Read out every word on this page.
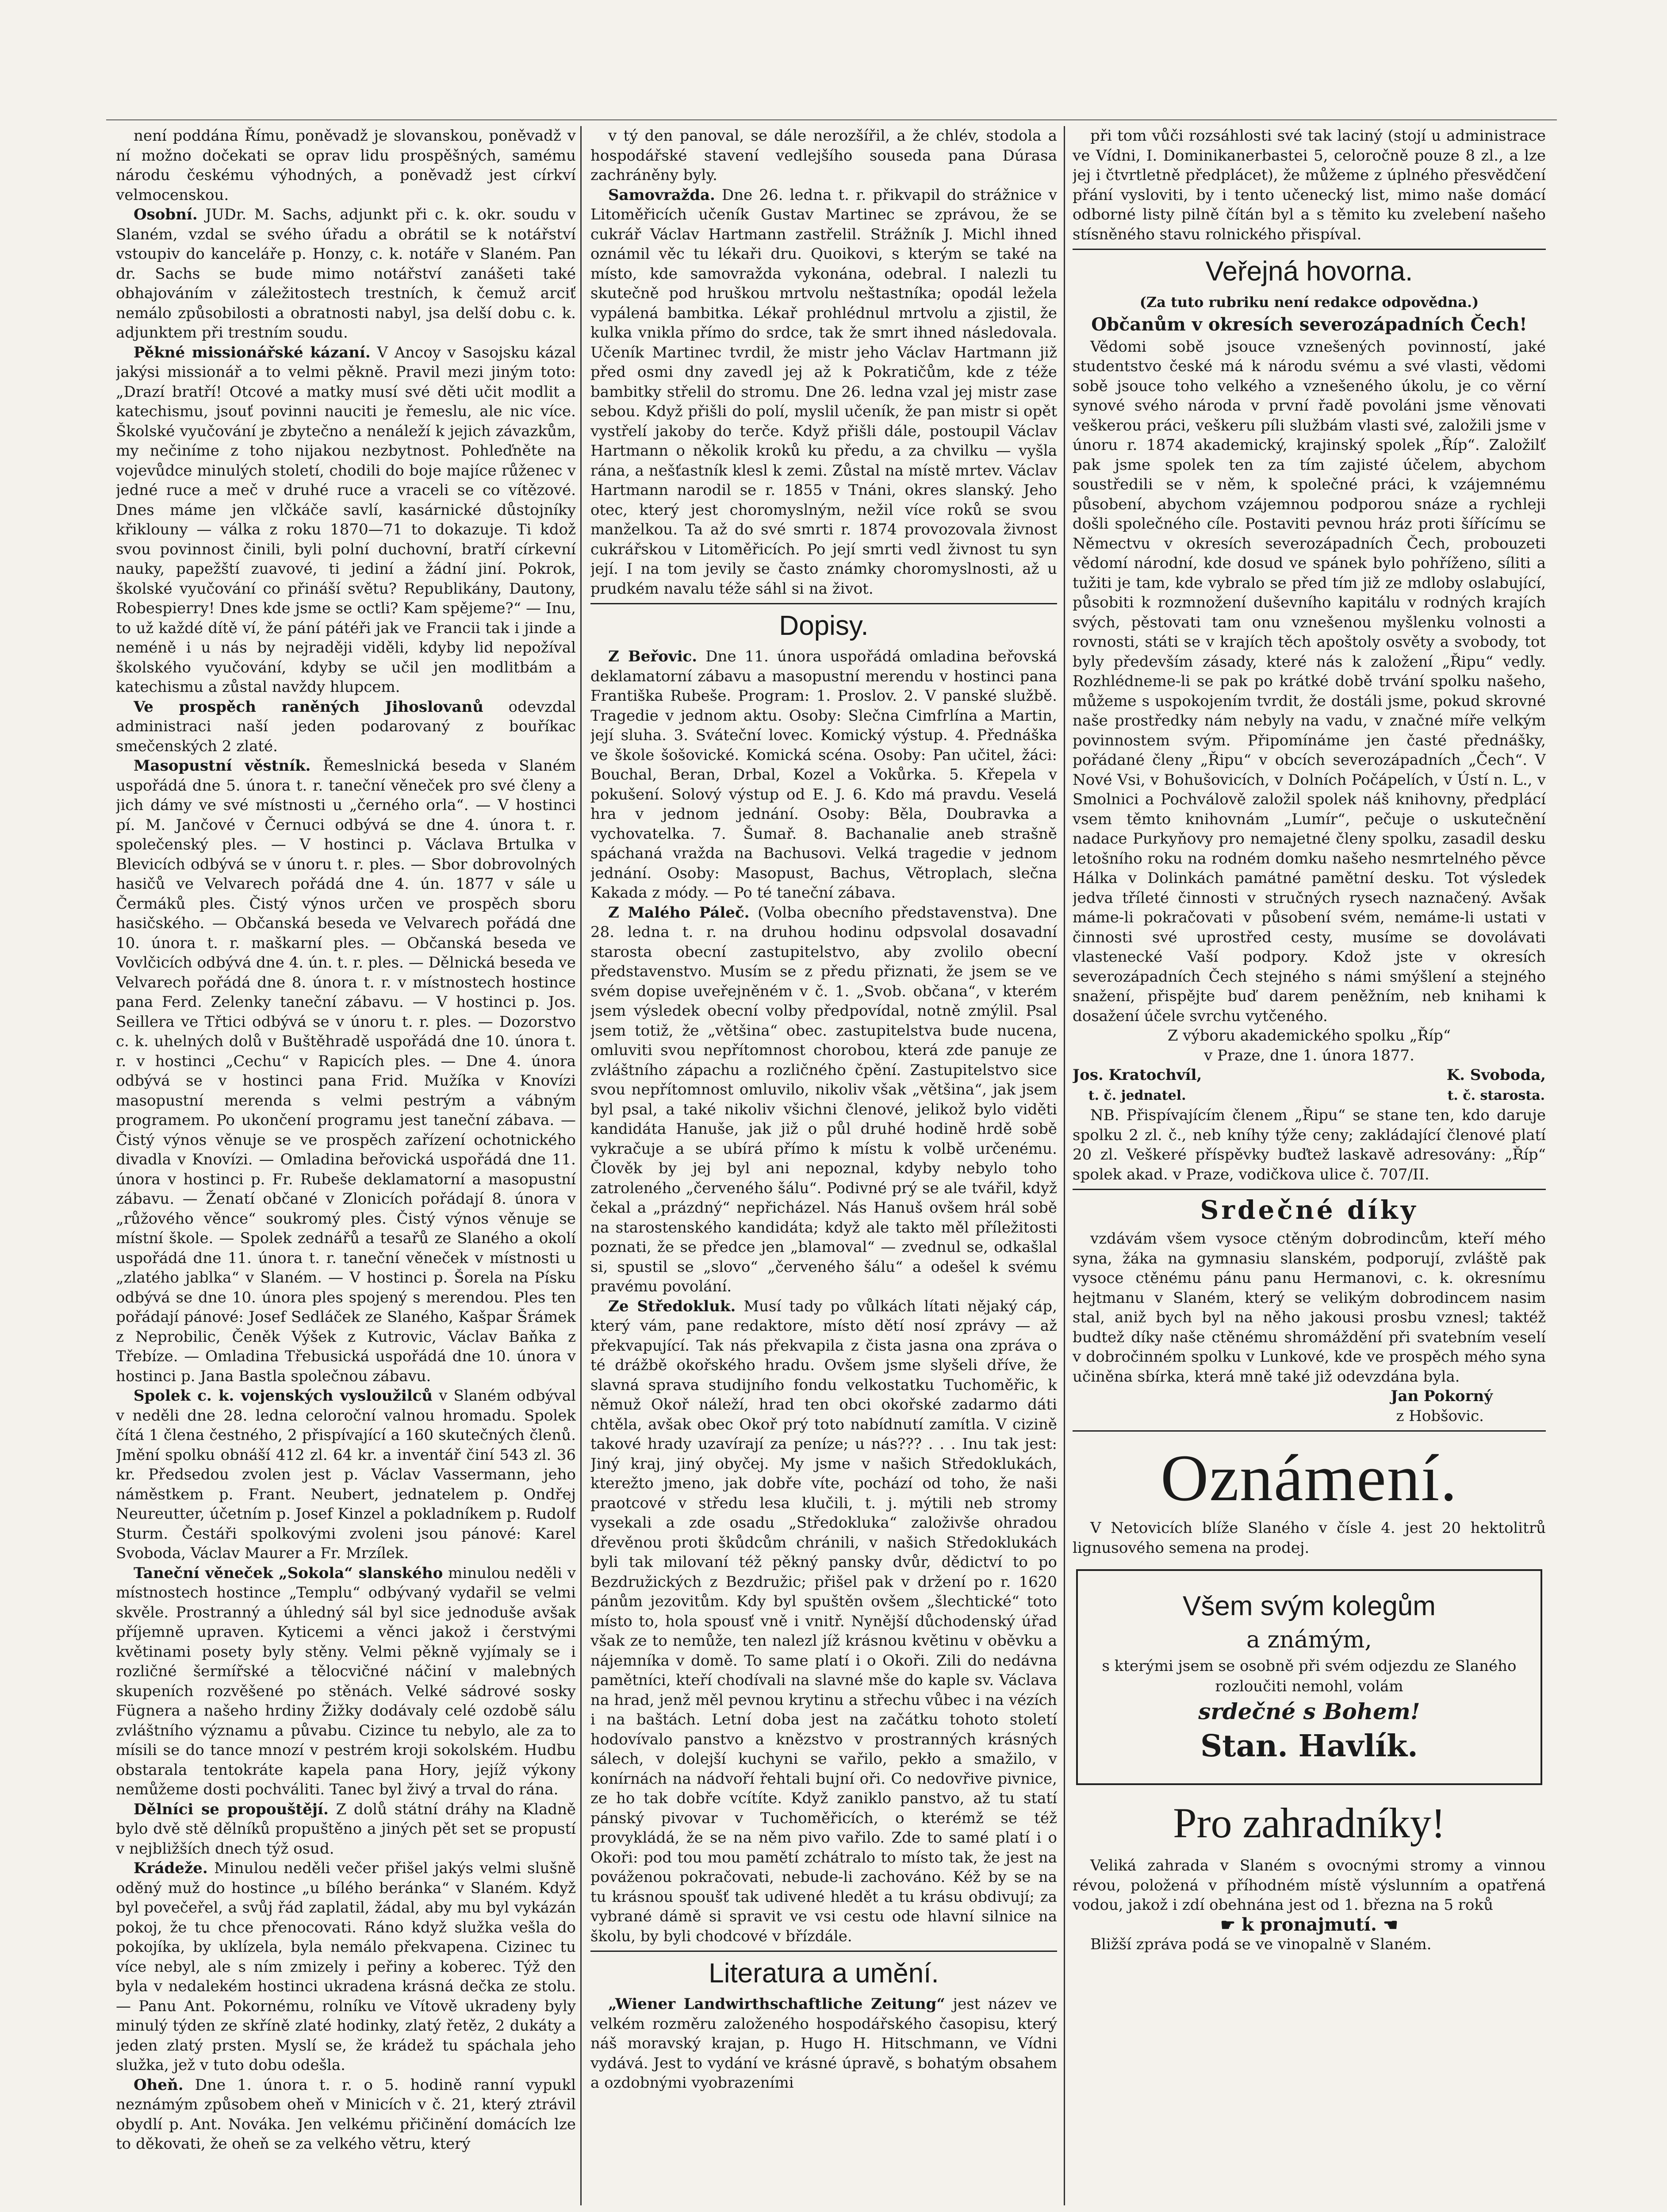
není poddána Římu, poněvadž je slovanskou, poněvadž v ní možno dočekati se oprav lidu prospěšných, samému národu českému výhodných, a poněvadž jest církví velmocenskou.

Osobní. JUDr. M. Sachs, adjunkt při c. k. okr. soudu v Slaném, vzdal se svého úřadu a obrátil se k notářství vstoupiv do kanceláře p. Honzy, c. k. notáře v Slaném. Pan dr. Sachs se bude mimo notářství zanášeti také obhajováním v záležitostech trestních, k čemuž arciť nemálo způsobilosti a obratnosti nabyl, jsa delší dobu c. k. adjunktem při trestním soudu.

Pěkné missionářské kázaní. V Ancoy v Sasojsku kázal jakýsi missionář a to velmi pěkně. Pravil mezi jiným toto: „Drazí bratří! Otcové a matky musí své děti učit modlit a katechismu, jsouť povinni nauciti je řemeslu, ale nic více. Školské vyučování je zbytečno a nenáleží k jejich závazkům, my nečiníme z toho nijakou nezbytnost. Pohleďněte na vojevůdce minulých století, chodili do boje majíce růženec v jedné ruce a meč v druhé ruce a vraceli se co vítězové. Dnes máme jen vlčkáče savlí, kasárnické důstojníky křiklouny — válka z roku 1870—71 to dokazuje. Ti kdož svou povinnost činili, byli polní duchovní, bratří církevní nauky, papežští zuavové, ti jediní a žádní jiní. Pokrok, školské vyučování co přináší světu? Republikány, Dautony, Robespierry! Dnes kde jsme se octli? Kam spějeme?“ — Inu, to už každé dítě ví, že pání pátéři jak ve Francii tak i jinde a neméně i u nás by nejraději viděli, kdyby lid nepožíval školského vyučování, kdyby se učil jen modlitbám a katechismu a zůstal navždy hlupcem.

Ve prospěch raněných Jihoslovanů odevzdal administraci naší jeden podarovaný z bouříkac smečenských 2 zlaté.

Masopustní věstník. Řemeslnická beseda v Slaném uspořádá dne 5. února t. r. taneční věneček pro své členy a jich dámy ve své místnosti u „černého orla“. — V hostinci pí. M. Jančové v Černuci odbývá se dne 4. února t. r. společenský ples. — V hostinci p. Václava Brtulka v Blevicích odbývá se v únoru t. r. ples. — Sbor dobrovolných hasičů ve Velvarech pořádá dne 4. ún. 1877 v sále u Čermáků ples. Čistý výnos určen ve prospěch sboru hasičského. — Občanská beseda ve Velvarech pořádá dne 10. února t. r. maškarní ples. — Občanská beseda ve Vovlčicích odbývá dne 4. ún. t. r. ples. — Dělnická beseda ve Velvarech pořádá dne 8. února t. r. v místnostech hostince pana Ferd. Zelenky taneční zábavu. — V hostinci p. Jos. Seillera ve Třtici odbývá se v únoru t. r. ples. — Dozorstvo c. k. uhelných dolů v Buštěhradě uspořádá dne 10. února t. r. v hostinci „Cechu“ v Rapicích ples. — Dne 4. února odbývá se v hostinci pana Frid. Mužíka v Knovízi masopustní merenda s velmi pestrým a vábným programem. Po ukončení programu jest taneční zábava. — Čistý výnos věnuje se ve prospěch zařízení ochotnického divadla v Knovízi. — Omladina beřovická uspořádá dne 11. února v hostinci p. Fr. Rubeše deklamatorní a masopustní zábavu. — Ženatí občané v Zlonicích pořádají 8. února v „růžového věnce“ soukromý ples. Čistý výnos věnuje se místní škole. — Spolek zednářů a tesařů ze Slaného a okolí uspořádá dne 11. února t. r. taneční věneček v místnosti u „zlatého jablka“ v Slaném. — V hostinci p. Šorela na Písku odbývá se dne 10. února ples spojený s merendou. Ples ten pořádají pánové: Josef Sedláček ze Slaného, Kašpar Šrámek z Neprobilic, Čeněk Výšek z Kutrovic, Václav Baňka z Třebíze. — Omladina Třebusická uspořádá dne 10. února v hostinci p. Jana Bastla společnou zábavu.

Spolek c. k. vojenských vysloužilců v Slaném odbýval v neděli dne 28. ledna celoroční valnou hromadu. Spolek čítá 1 člena čestného, 2 přispívající a 160 skutečných členů. Jmění spolku obnáší 412 zl. 64 kr. a inventář činí 543 zl. 36 kr. Předsedou zvolen jest p. Václav Vassermann, jeho náměstkem p. Frant. Neubert, jednatelem p. Ondřej Neureutter, účetním p. Josef Kinzel a pokladníkem p. Rudolf Sturm. Čestáři spolkovými zvoleni jsou pánové: Karel Svoboda, Václav Maurer a Fr. Mrzílek.

Taneční věneček „Sokola“ slanského minulou neděli v místnostech hostince „Templu“ odbývaný vydařil se velmi skvěle. Prostranný a úhledný sál byl sice jednoduše avšak příjemně upraven. Kyticemi a věnci jakož i čerstvými květinami posety byly stěny. Velmi pěkně vyjímaly se i rozličné šermířské a tělocvičné náčiní v malebných skupeních rozvěšené po stěnách. Velké sádrové sosky Fügnera a našeho hrdiny Žižky dodávaly celé ozdobě sálu zvláštního významu a půvabu. Cizince tu nebylo, ale za to mísili se do tance mnozí v pestrém kroji sokolském. Hudbu obstarala tentokráte kapela pana Hory, jejíž výkony nemůžeme dosti pochváliti. Tanec byl živý a trval do rána.

Dělníci se propouštějí. Z dolů státní dráhy na Kladně bylo dvě stě dělníků propuštěno a jiných pět set se propustí v nejbližších dnech týž osud.

Krádeže. Minulou neděli večer přišel jakýs velmi slušně oděný muž do hostince „u bílého beránka“ v Slaném. Když byl povečeřel, a svůj řád zaplatil, žádal, aby mu byl vykázán pokoj, že tu chce přenocovati. Ráno když služka vešla do pokojíka, by uklízela, byla nemálo překvapena. Cizinec tu více nebyl, ale s ním zmizely i peřiny a koberec. Týž den byla v nedalekém hostinci ukradena krásná dečka ze stolu. — Panu Ant. Pokornému, rolníku ve Vítově ukradeny byly minulý týden ze skříně zlaté hodinky, zlatý řetěz, 2 dukáty a jeden zlatý prsten. Myslí se, že krádež tu spáchala jeho služka, jež v tuto dobu odešla.

Oheň. Dne 1. února t. r. o 5. hodině ranní vypukl neznámým způsobem oheň v Minicích v č. 21, který ztrávil obydlí p. Ant. Nováka. Jen velkému přičinění domácích lze to děkovati, že oheň se za velkého větru, který

v tý den panoval, se dále nerozšířil, a že chlév, stodola a hospodářské stavení vedlejšího souseda pana Dúrasa zachráněny byly.

Samovražda. Dne 26. ledna t. r. přikvapil do strážnice v Litoměřicích učeník Gustav Martinec se zprávou, že se cukrář Václav Hartmann zastřelil. Strážník J. Michl ihned oznámil věc tu lékaři dru. Quoikovi, s kterým se také na místo, kde samovražda vykonána, odebral. I nalezli tu skutečně pod hruškou mrtvolu neštastníka; opodál ležela vypálená bambitka. Lékař prohlédnul mrtvolu a zjistil, že kulka vnikla přímo do srdce, tak že smrt ihned následovala. Učeník Martinec tvrdil, že mistr jeho Václav Hartmann již před osmi dny zavedl jej až k Pokratičům, kde z téže bambitky střelil do stromu. Dne 26. ledna vzal jej mistr zase sebou. Když přišli do polí, myslil učeník, že pan mistr si opět vystřelí jakoby do terče. Když přišli dále, postoupil Václav Hartmann o několik kroků ku předu, a za chvilku — vyšla rána, a nešťastník klesl k zemi. Zůstal na místě mrtev. Václav Hartmann narodil se r. 1855 v Tnáni, okres slanský. Jeho otec, který jest choromyslným, nežil více roků se svou manželkou. Ta až do své smrti r. 1874 provozovala živnost cukrářskou v Litoměřicích. Po její smrti vedl živnost tu syn její. I na tom jevily se často známky choromyslnosti, až u prudkém navalu téže sáhl si na život.

Dopisy.

Z Beřovic. Dne 11. února uspořádá omladina beřovská deklamatorní zábavu a masopustní merendu v hostinci pana Františka Rubeše. Program: 1. Proslov. 2. V panské službě. Tragedie v jednom aktu. Osoby: Slečna Cimfrlína a Martin, její sluha. 3. Sváteční lovec. Komický výstup. 4. Přednáška ve škole šošovické. Komická scéna. Osoby: Pan učitel, žáci: Bouchal, Beran, Drbal, Kozel a Vokůrka. 5. Křepela v pokušení. Solový výstup od E. J. 6. Kdo má pravdu. Veselá hra v jednom jednání. Osoby: Běla, Doubravka a vychovatelka. 7. Šumař. 8. Bachanalie aneb strašně spáchaná vražda na Bachusovi. Velká tragedie v jednom jednání. Osoby: Masopust, Bachus, Větroplach, slečna Kakada z módy. — Po té taneční zábava.

Z Malého Páleč. (Volba obecního představenstva). Dne 28. ledna t. r. na druhou hodinu odpsvolal dosavadní starosta obecní zastupitelstvo, aby zvolilo obecní představenstvo. Musím se z předu přiznati, že jsem se ve svém dopise uveřejněném v č. 1. „Svob. občana“, v kterém jsem výsledek obecní volby předpovídal, notně zmýlil. Psal jsem totiž, že „většina“ obec. zastupitelstva bude nucena, omluviti svou nepřítomnost chorobou, která zde panuje ze zvláštního zápachu a rozličného čpění. Zastupitelstvo sice svou nepřítomnost omluvilo, nikoliv však „většina“, jak jsem byl psal, a také nikoliv všichni členové, jelikož bylo viděti kandidáta Hanuše, jak již o půl druhé hodině hrdě sobě vykračuje a se ubírá přímo k místu k volbě určenému. Člověk by jej byl ani nepoznal, kdyby nebylo toho zatroleného „červeného šálu“. Podivné prý se ale tvářil, když čekal a „prázdný“ nepřicházel. Nás Hanuš ovšem hrál sobě na starostenského kandidáta; když ale takto měl příležitosti poznati, že se předce jen „blamoval“ — zvednul se, odkašlal si, spustil se „slovo“ „červeného šálu“ a odešel k svému pravému povolání.

Ze Středokluk. Musí tady po vůlkách lítati nějaký cáp, který vám, pane redaktore, místo dětí nosí zprávy — až překvapující. Tak nás překvapila z čista jasna ona zpráva o té drážbě okořského hradu. Ovšem jsme slyšeli dříve, že slavná sprava studijního fondu velkostatku Tuchoměřic, k němuž Okoř náleží, hrad ten obci okořské zadarmo dáti chtěla, avšak obec Okoř prý toto nabídnutí zamítla. V cizině takové hrady uzavírají za peníze; u nás??? . . . Inu tak jest: Jiný kraj, jiný obyčej. My jsme v našich Středoklukách, kterežto jmeno, jak dobře víte, pochází od toho, že naši praotcové v středu lesa klučili, t. j. mýtili neb stromy vysekali a zde osadu „Středokluka“ založivše ohradou dřevěnou proti škůdcům chránili, v našich Středoklukách byli tak milovaní též pěkný pansky dvůr, dědictví to po Bezdružických z Bezdružic; přišel pak v držení po r. 1620 pánům jezovitům. Kdy byl spuštěn ovšem „šlechtické“ toto místo to, hola spousť vně i vnitř. Nynější důchodenský úřad však ze to nemůže, ten nalezl jíž krásnou květinu v oběvku a nájemníka v domě. To same platí i o Okoři. Zili do nedávna pamětníci, kteří chodívali na slavné mše do kaple sv. Václava na hrad, jenž měl pevnou krytinu a střechu vůbec i na vézích i na baštách. Letní doba jest na začátku tohoto století hodovívalo panstvo a knězstvo v prostranných krásných sálech, v dolejší kuchyni se vařilo, pekło a smažilo, v konírnách na nádvoří řehtali bujní oři. Co nedovřive pivnice, ze ho tak dobře vcítíte. Když zaniklo panstvo, až tu statí pánský pivovar v Tuchoměřicích, o kterémž se též provykládá, že se na něm pivo vařilo. Zde to samé platí i o Okoři: pod tou mou pamětí zchátralo to místo tak, že jest na pováženou pokračovati, nebude-li zachováno. Kéž by se na tu krásnou spoušť tak udivené hledět a tu krásu obdivují; za vybrané dámě si spravit ve vsi cestu ode hlavní silnice na školu, by byli chodcové v břízdále.

Literatura a umění.

„Wiener Landwirthschaftliche Zeitung“ jest název ve velkém rozměru založeného hospodářského časopisu, který náš moravský krajan, p. Hugo H. Hitschmann, ve Vídni vydává. Jest to vydání ve krásné úpravě, s bohatým obsahem a ozdobnými vyobrazeními

při tom vůči rozsáhlosti své tak laciný (stojí u administrace ve Vídni, I. Dominikanerbastei 5, celoročně pouze 8 zl., a lze jej i čtvrtletně předplácet), že můžeme z úplného přesvědčení přání vysloviti, by i tento učenecký list, mimo naše domácí odborné listy pilně čítán byl a s těmito ku zvelebení našeho stísněného stavu rolnického přispíval.

Veřejná hovorna.

(Za tuto rubriku není redakce odpovědna.)

Občanům v okresích severozápadních Čech!

Vědomi sobě jsouce vznešených povinností, jaké studentstvo české má k národu svému a své vlasti, vědomi sobě jsouce toho velkého a vznešeného úkolu, je co věrní synové svého národa v první řadě povoláni jsme věnovati veškerou práci, veškeru píli službám vlasti své, založili jsme v únoru r. 1874 akademický, krajinský spolek „Říp“. Založilť pak jsme spolek ten za tím zajisté účelem, abychom soustředili se v něm, k společné práci, k vzájemnému působení, abychom vzájemnou podporou snáze a rychleji došli společného cíle. Postaviti pevnou hráz proti šířícímu se Němectvu v okresích severozápadních Čech, probouzeti vědomí národní, kde dosud ve spánek bylo pohříženo, síliti a tužiti je tam, kde vybralo se před tím již ze mdloby oslabující, působiti k rozmnožení duševního kapitálu v rodných krajích svých, pěstovati tam onu vznešenou myšlenku volnosti a rovnosti, státi se v krajích těch apoštoly osvěty a svobody, tot byly především zásady, které nás k založení „Řipu“ vedly. Rozhlédneme-li se pak po krátké době trvání spolku našeho, můžeme s uspokojením tvrdit, že dostáli jsme, pokud skrovné naše prostředky nám nebyly na vadu, v značné míře velkým povinnostem svým. Připomínáme jen časté přednášky, pořádané členy „Řipu“ v obcích severozápadních „Čech“. V Nové Vsi, v Bohušovicích, v Dolních Počápelích, v Ústí n. L., v Smolnici a Pochválově založil spolek náš knihovny, předplácí vsem těmto knihovnám „Lumír“, pečuje o uskutečnění nadace Purkyňovy pro nemajetné členy spolku, zasadil desku letošního roku na rodném domku našeho nesmrtelného pěvce Hálka v Dolinkách památné pamětní desku. Tot výsledek jedva tříleté činnosti v stručných rysech naznačený. Avšak máme-li pokračovati v působení svém, nemáme-li ustati v činnosti své uprostřed cesty, musíme se dovolávati vlastenecké Vaší podpory. Kdož jste v okresích severozápadních Čech stejného s námi smýšlení a stejného snažení, přispějte buď darem peněžním, neb knihami k dosažení účele svrchu vytčeného.

Z výboru akademického spolku „Říp“

v Praze, dne 1. února 1877.

Jos. Kratochvíl,
t. č. jednatel.
K. Svoboda,
t. č. starosta.

NB. Přispívajícím členem „Řipu“ se stane ten, kdo daruje spolku 2 zl. č., neb kníhy týže ceny; zakládající členové platí 20 zl. Veškeré příspěvky buďtež laskavě adresovány: „Říp“ spolek akad. v Praze, vodičkova ulice č. 707/II.

Srdečné díky

vzdávám všem vysoce ctěným dobrodincům, kteří mého syna, žáka na gymnasiu slanském, podporují, zvláště pak vysoce ctěnému pánu panu Hermanovi, c. k. okresnímu hejtmanu v Slaném, který se velikým dobrodincem nasim stal, aniž bych byl na něho jakousi prosbu vznesl; taktéž budtež díky naše ctěnému shromáždění při svatebním veselí v dobročinném spolku v Lunkové, kde ve prospěch mého syna učiněna sbírka, která mně také již odevzdána byla.

Jan Pokorný

z Hobšovic.

Oznámení.

V Netovicích blíže Slaného v čísle 4. jest 20 hektolitrů lignusového semena na prodej.

Všem svým kolegům
a známým,
s kterými jsem se osobně při svém odjezdu ze Slaného rozloučiti nemohl, volám
srdečné s Bohem!
Stan. Havlík.
Pro zahradníky!

Veliká zahrada v Slaném s ovocnými stromy a vinnou révou, položená v příhodném místě výslunním a opatřená vodou, jakož i zdí obehnána jest od 1. března na 5 roků

☛ k pronajmutí. ☚

Bližší zpráva podá se ve vinopalně v Slaném.
